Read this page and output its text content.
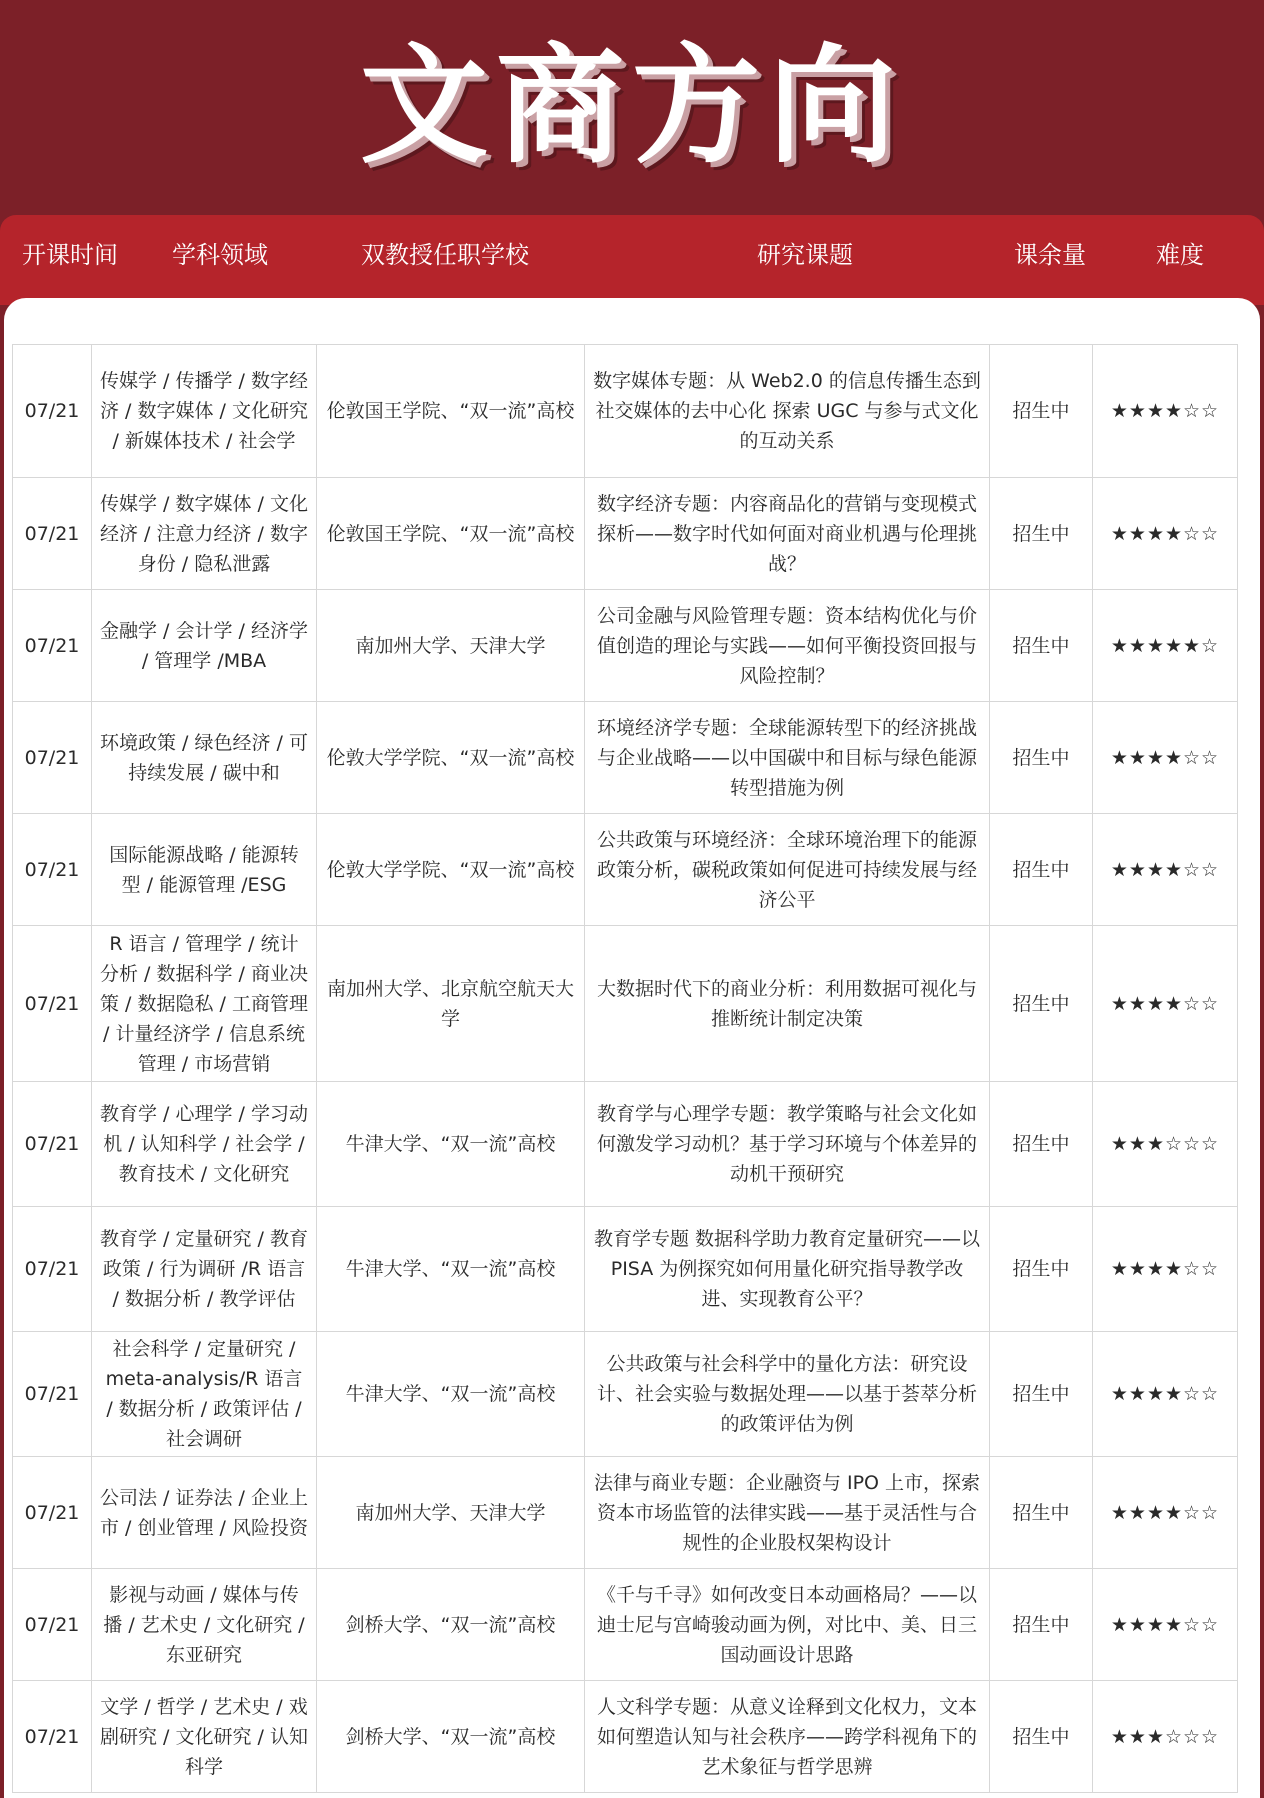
文商方向
开课时间	学科领域	双教授任职学校	研究课题	课余量	难度
07/21	传媒学 / 传播学 / 数字经济 / 数字媒体 / 文化研究 / 新媒体技术 / 社会学	伦敦国王学院、“双一流”高校	数字媒体专题：从 Web2.0 的信息传播生态到社交媒体的去中心化 探索 UGC 与参与式文化的互动关系	招生中	★★★★☆☆
07/21	传媒学 / 数字媒体 / 文化经济 / 注意力经济 / 数字身份 / 隐私泄露	伦敦国王学院、“双一流”高校	数字经济专题：内容商品化的营销与变现模式探析——数字时代如何面对商业机遇与伦理挑战？	招生中	★★★★☆☆
07/21	金融学 / 会计学 / 经济学 / 管理学 /MBA	南加州大学、天津大学	公司金融与风险管理专题：资本结构优化与价值创造的理论与实践——如何平衡投资回报与风险控制？	招生中	★★★★★☆
07/21	环境政策 / 绿色经济 / 可持续发展 / 碳中和	伦敦大学学院、“双一流”高校	环境经济学专题：全球能源转型下的经济挑战与企业战略——以中国碳中和目标与绿色能源转型措施为例	招生中	★★★★☆☆
07/21	国际能源战略 / 能源转型 / 能源管理 /ESG	伦敦大学学院、“双一流”高校	公共政策与环境经济：全球环境治理下的能源政策分析，碳税政策如何促进可持续发展与经济公平	招生中	★★★★☆☆
07/21	R 语言 / 管理学 / 统计分析 / 数据科学 / 商业决策 / 数据隐私 / 工商管理 / 计量经济学 / 信息系统管理 / 市场营销	南加州大学、北京航空航天大学	大数据时代下的商业分析：利用数据可视化与推断统计制定决策	招生中	★★★★☆☆
07/21	教育学 / 心理学 / 学习动机 / 认知科学 / 社会学 / 教育技术 / 文化研究	牛津大学、“双一流”高校	教育学与心理学专题：教学策略与社会文化如何激发学习动机？基于学习环境与个体差异的动机干预研究	招生中	★★★☆☆☆
07/21	教育学 / 定量研究 / 教育政策 / 行为调研 /R 语言 / 数据分析 / 教学评估	牛津大学、“双一流”高校	教育学专题 数据科学助力教育定量研究——以 PISA 为例探究如何用量化研究指导教学改进、实现教育公平？	招生中	★★★★☆☆
07/21	社会科学 / 定量研究 / meta-analysis/R 语言 / 数据分析 / 政策评估 / 社会调研	牛津大学、“双一流”高校	公共政策与社会科学中的量化方法：研究设计、社会实验与数据处理——以基于荟萃分析的政策评估为例	招生中	★★★★☆☆
07/21	公司法 / 证券法 / 企业上市 / 创业管理 / 风险投资	南加州大学、天津大学	法律与商业专题：企业融资与 IPO 上市，探索资本市场监管的法律实践——基于灵活性与合规性的企业股权架构设计	招生中	★★★★☆☆
07/21	影视与动画 / 媒体与传播 / 艺术史 / 文化研究 / 东亚研究	剑桥大学、“双一流”高校	《千与千寻》如何改变日本动画格局？——以迪士尼与宫崎骏动画为例，对比中、美、日三国动画设计思路	招生中	★★★★☆☆
07/21	文学 / 哲学 / 艺术史 / 戏剧研究 / 文化研究 / 认知科学	剑桥大学、“双一流”高校	人文科学专题：从意义诠释到文化权力，文本如何塑造认知与社会秩序——跨学科视角下的艺术象征与哲学思辨	招生中	★★★☆☆☆
